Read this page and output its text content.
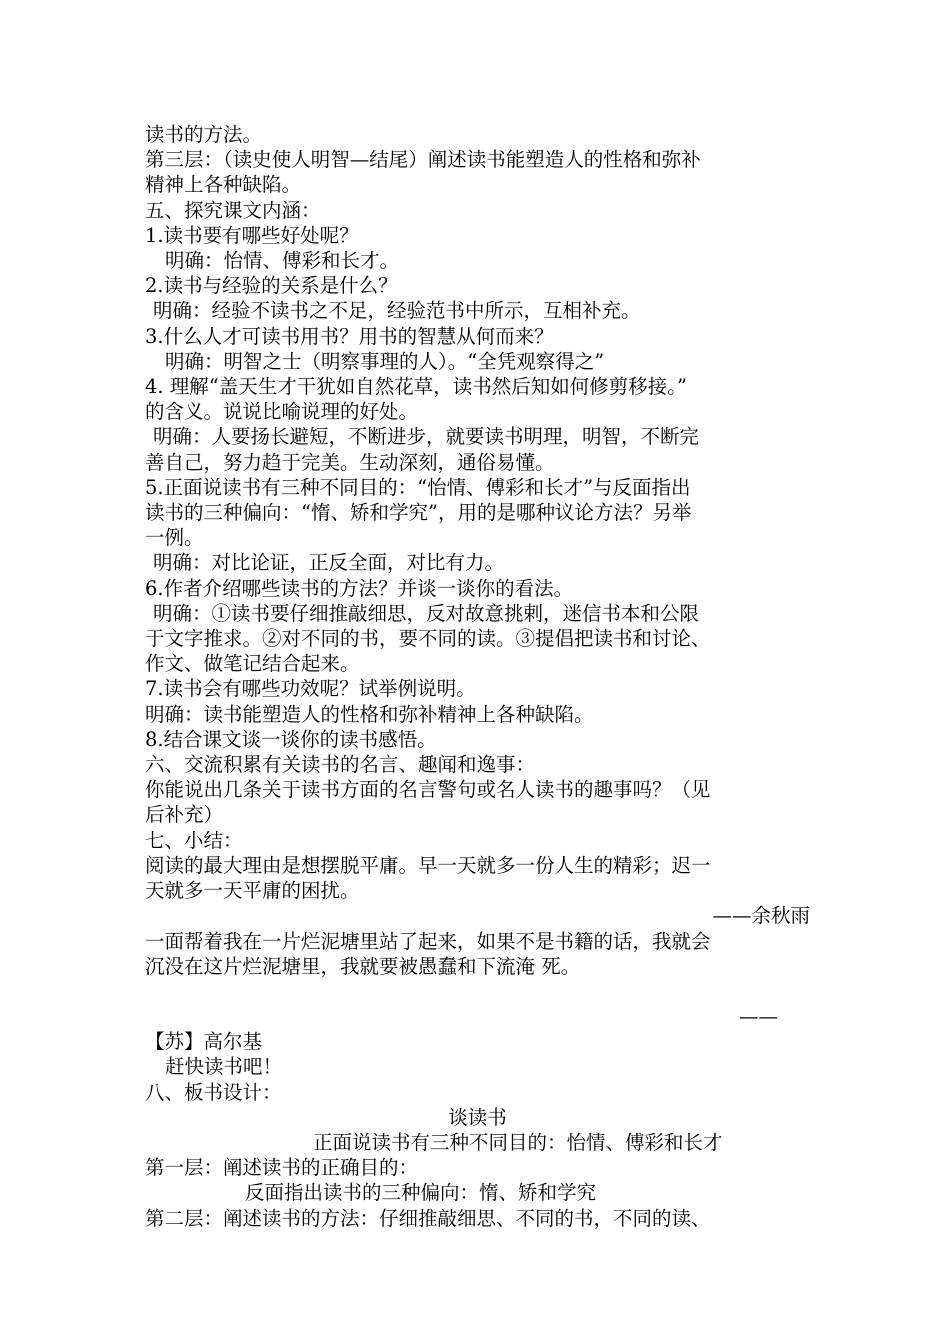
读书的方法。

第三层：（读史使人明智—结尾）阐述读书能塑造人的性格和弥补

精神上各种缺陷。

五、探究课文内涵：

1.读书要有哪些好处呢？

明确：怡情、傅彩和长才。

2.读书与经验的关系是什么？

明确：经验不读书之不足，经验范书中所示，互相补充。

3.什么人才可读书用书？用书的智慧从何而来？

明确：明智之士（明察事理的人）。“全凭观察得之”

4. 理解“盖天生才干犹如自然花草，读书然后知如何修剪移接。”

的含义。说说比喻说理的好处。

明确：人要扬长避短，不断进步，就要读书明理，明智，不断完

善自己，努力趋于完美。生动深刻，通俗易懂。

5.正面说读书有三种不同目的：“怡情、傅彩和长才”与反面指出

读书的三种偏向：“惰、矫和学究”，用的是哪种议论方法？另举

一例。

明确：对比论证，正反全面，对比有力。

6.作者介绍哪些读书的方法？并谈一谈你的看法。

明确：①读书要仔细推敲细思，反对故意挑剌，迷信书本和公限

于文字推求。②对不同的书，要不同的读。③提倡把读书和讨论、

作文、做笔记结合起来。

7.读书会有哪些功效呢？试举例说明。

明确：读书能塑造人的性格和弥补精神上各种缺陷。

8.结合课文谈一谈你的读书感悟。

六、交流积累有关读书的名言、趣闻和逸事：

你能说出几条关于读书方面的名言警句或名人读书的趣事吗？（见

后补充）

七、小结：

阅读的最大理由是想摆脱平庸。早一天就多一份人生的精彩；迟一

天就多一天平庸的困扰。

——余秋雨

一面帮着我在一片烂泥塘里站了起来，如果不是书籍的话，我就会

沉没在这片烂泥塘里，我就要被愚蠢和下流淹 死。

——

【苏】高尔基

赶快读书吧！

八、板书设计：

谈读书

正面说读书有三种不同目的：怡情、傅彩和长才

第一层：阐述读书的正确目的：

反面指出读书的三种偏向：惰、矫和学究

第二层：阐述读书的方法：仔细推敲细思、不同的书，不同的读、
